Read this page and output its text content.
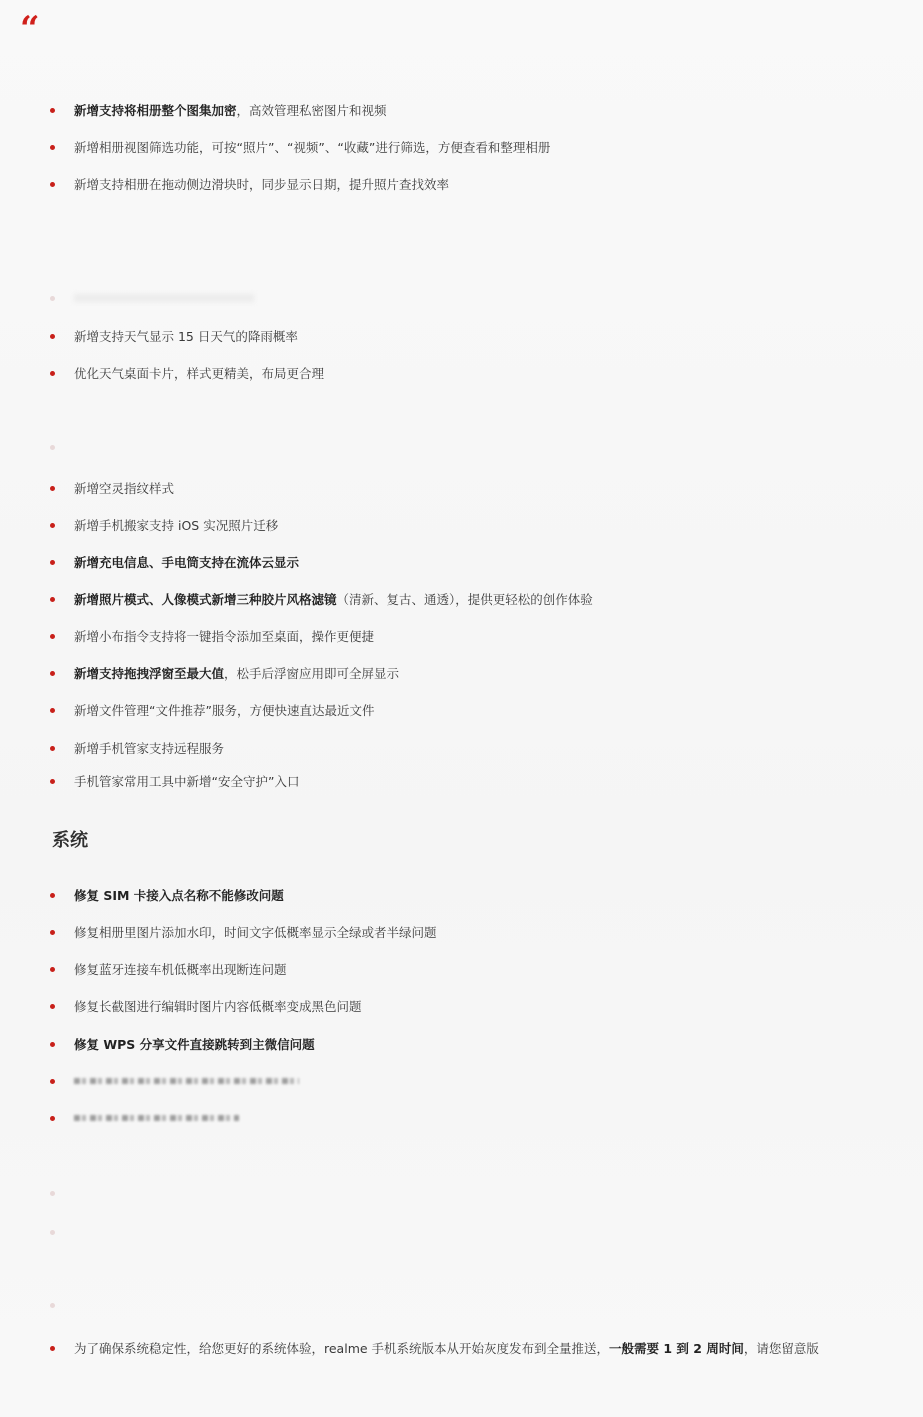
“
新增支持将相册整个图集加密 ，高效管理私密图片和视频
新增相册视图筛选功能，可按“照片”、“视频”、“收藏”进行筛选，方便查看和整理相册
新增支持相册在拖动侧边滑块时，同步显示日期，提升照片查找效率
新增支持天气显示 15 日天气的降雨概率
优化天气桌面卡片，样式更精美，布局更合理
新增空灵指纹样式
新增手机搬家支持 iOS 实况照片迁移
新增充电信息、手电筒支持在流体云显示
新增照片模式、人像模式新增三种胶片风格滤镜 （清新、复古、通透），提供更轻松的创作体验
新增小布指令支持将一键指令添加至桌面，操作更便捷
新增支持拖拽浮窗至最大值 ，松手后浮窗应用即可全屏显示
新增文件管理“文件推荐”服务，方便快速直达最近文件
新增手机管家支持远程服务
手机管家常用工具中新增“安全守护”入口
系统
修复 SIM 卡接入点名称不能修改问题
修复相册里图片添加水印，时间文字低概率显示全绿或者半绿问题
修复蓝牙连接车机低概率出现断连问题
修复长截图进行编辑时图片内容低概率变成黑色问题
修复 WPS 分享文件直接跳转到主微信问题
为了确保系统稳定性，给您更好的系统体验，realme 手机系统版本从开始灰度发布到全量推送， 一般需要 1 到 2 周时间 ，请您留意版
